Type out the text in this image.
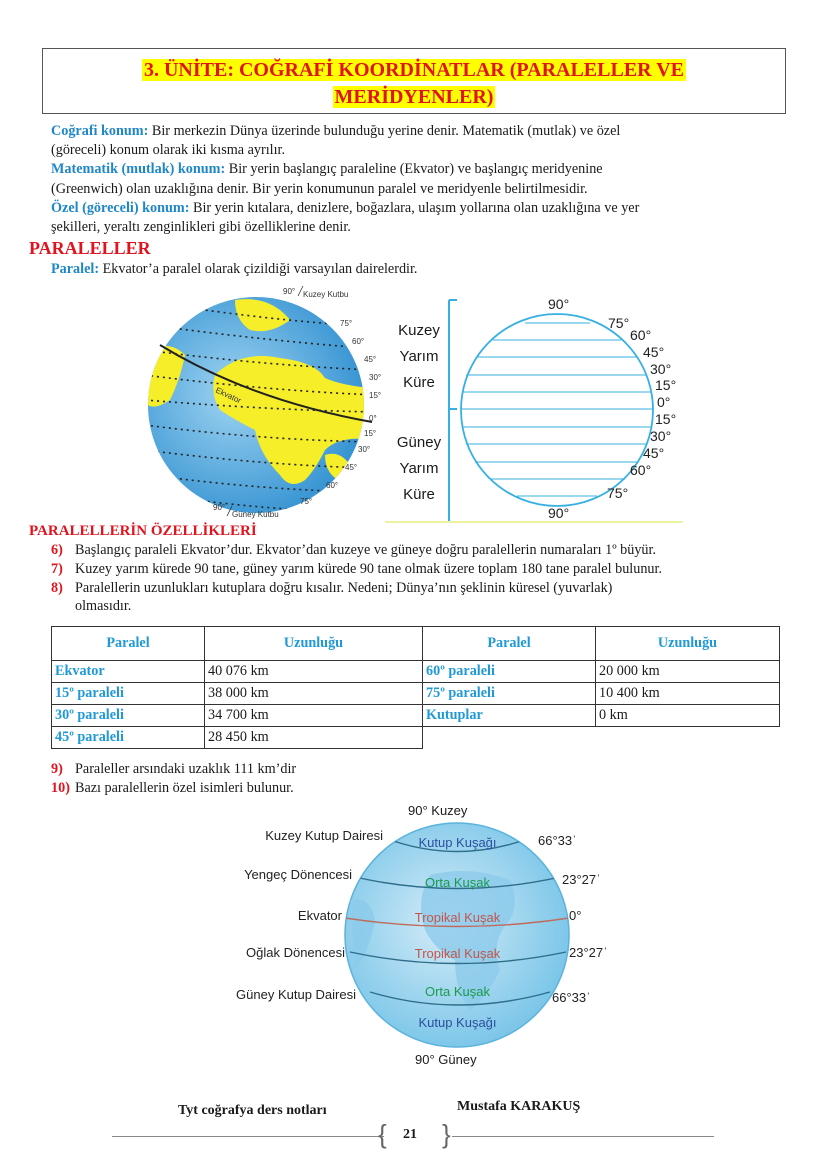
3. ÜNİTE: COĞRAFİ KOORDİNATLAR (PARALELLER VE
MERİDYENLER)
Coğrafi konum: Bir merkezin Dünya üzerinde bulunduğu yerine denir. Matematik (mutlak) ve özel
(göreceli) konum olarak iki kısma ayrılır.
Matematik (mutlak) konum: Bir yerin başlangıç paraleline (Ekvator) ve başlangıç meridyenine
(Greenwich) olan uzaklığına denir. Bir yerin konumunun paralel ve meridyenle belirtilmesidir.
Özel (göreceli) konum: Bir yerin kıtalara, denizlere, boğazlara, ulaşım yollarına olan uzaklığına ve yer
şekilleri, yeraltı zenginlikleri gibi özelliklerine denir.
PARALELLER
Paralel: Ekvator’a paralel olarak çizildiği varsayılan dairelerdir.
Ekvator
90° Kuzey Kutbu
75°
60°
45°
30°
15°
0°
15°
30°
45°
60°
75°
90°
Güney Kutbu
Kuzey
Yarım
Küre
Güney
Yarım
Küre
90°
75°
60°
45°
30°
15°
0°
15°
30°
45°
60°
75°
90°
PARALELLERİN ÖZELLİKLERİ
6) Başlangıç paraleli Ekvator’dur. Ekvator’dan kuzeye ve güneye doğru paralellerin numaraları 1º büyür.
7) Kuzey yarım kürede 90 tane, güney yarım kürede 90 tane olmak üzere toplam 180 tane paralel bulunur.
8) Paralellerin uzunlukları kutuplara doğru kısalır. Nedeni; Dünya’nın şeklinin küresel (yuvarlak)
olmasıdır.
Paralel	Uzunluğu
Ekvator	40 076 km
15º paraleli	38 000 km
30º paraleli	34 700 km
45º paraleli	28 450 km
Paralel	Uzunluğu
60º paraleli	20 000 km
75º paraleli	10 400 km
Kutuplar	0 km
9) Paraleller arsındaki uzaklık 111 km’dir
10) Bazı paralellerin özel isimleri bulunur.
90° Kuzey
90° Güney
Kuzey Kutup Dairesi
Yengeç Dönencesi
Ekvator
Oğlak Dönencesi
Güney Kutup Dairesi
66°33ˈ
23°27ˈ
0°
23°27ˈ
66°33ˈ
Kutup Kuşağı
Orta Kuşak
Tropikal Kuşak
Tropikal Kuşak
Orta Kuşak
Kutup Kuşağı
Tyt coğrafya ders notları	Mustafa KARAKUŞ
{ }
21
